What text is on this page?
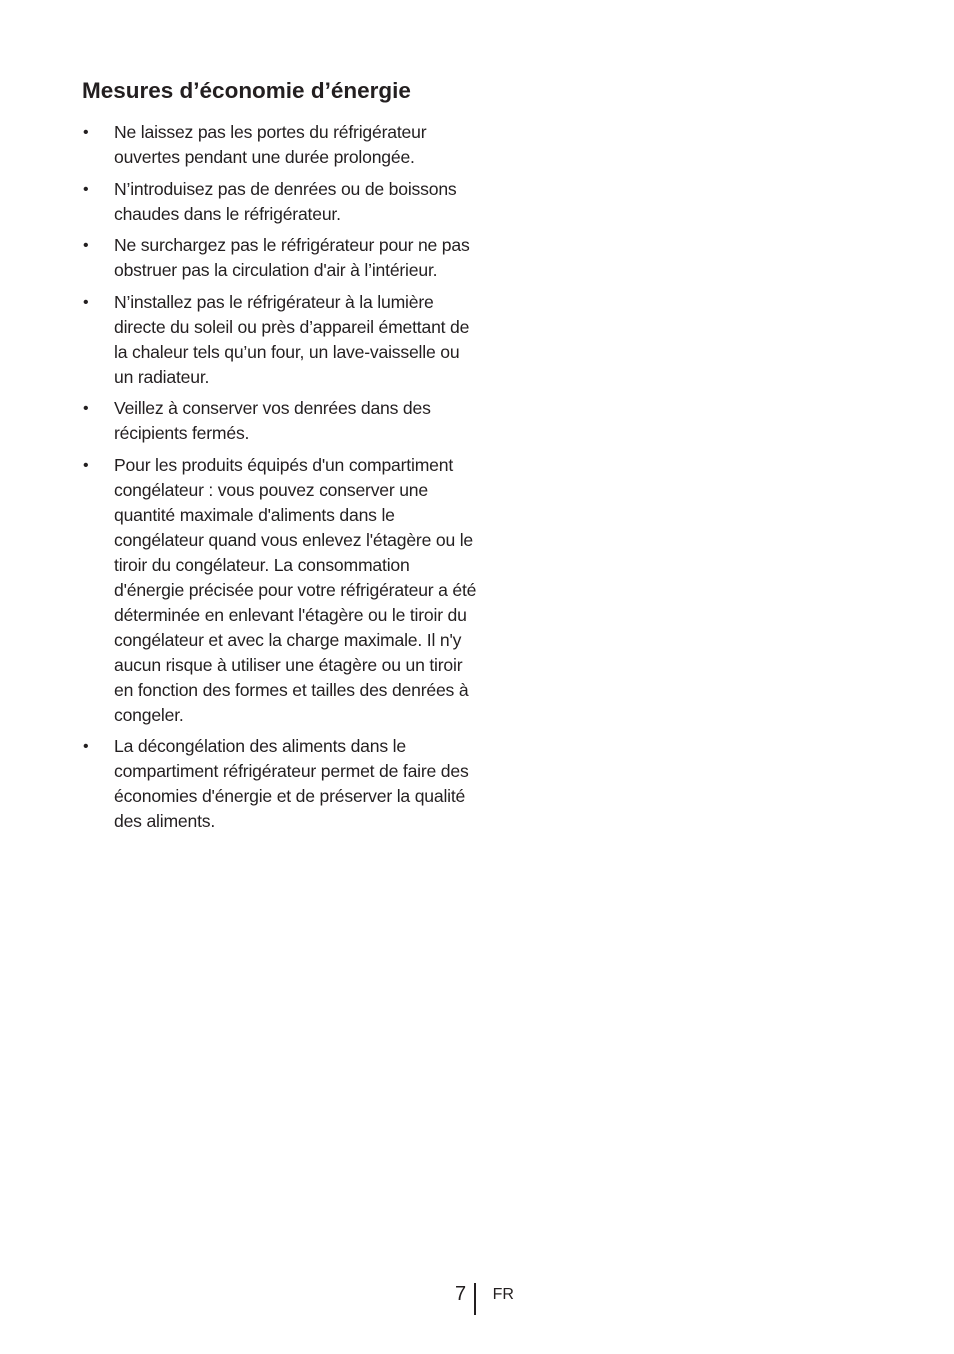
Mesures d’économie d’énergie
• Ne laissez pas les portes du réfrigérateur ouvertes pendant une durée prolongée.
• N’introduisez pas de denrées ou de boissons chaudes dans le réfrigérateur.
• Ne surchargez pas le réfrigérateur pour ne pas obstruer pas la circulation d'air à l’intérieur.
• N’installez pas le réfrigérateur à la lumière directe du soleil ou près d’appareil émettant de la chaleur tels qu’un four, un lave-vaisselle ou un radiateur.
• Veillez à conserver vos denrées dans des récipients fermés.
• Pour les produits équipés d'un compartiment congélateur : vous pouvez conserver une quantité maximale d'aliments dans le congélateur quand vous enlevez l'étagère ou le tiroir du congélateur. La consommation d'énergie précisée pour votre réfrigérateur a été déterminée en enlevant l'étagère ou le tiroir du congélateur et avec la charge maximale. Il n'y aucun risque à utiliser une étagère ou un tiroir en fonction des formes et tailles des denrées à congeler.
• La décongélation des aliments dans le compartiment réfrigérateur permet de faire des économies d'énergie et de préserver la qualité des aliments.
7	FR
